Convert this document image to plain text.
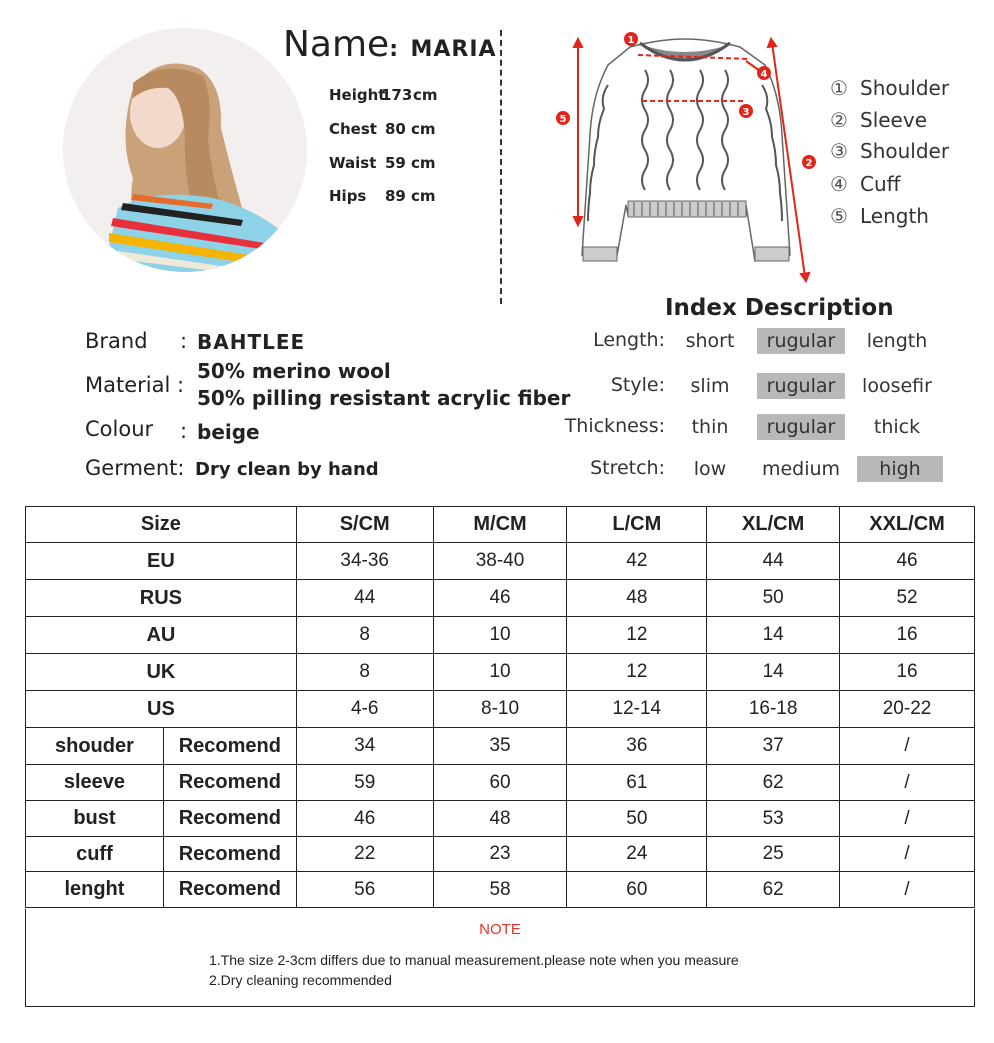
Name: MARIA
Height
173 cm
Chest 80 cm
Waist 59 cm
Hips 89 cm
1
2
3
4
5
① Shoulder
② Sleeve
③ Shoulder
④ Cuff
⑤ Length
Brand : BAHTLEE
Material :
50% merino wool
50% pilling resistant acrylic fiber
Colour : beige
Germent: Dry clean by hand
Index Description
Length:	short	rugular	length
Style:	slim	rugular	loosefir
Thickness:	thin	rugular	thick
Stretch:	low	medium	high
Size		S/CM	M/CM	L/CM	XL/CM	XXL/CM
EU		34-36	38-40	42	44	46
RUS		44	46	48	50	52
AU		8	10	12	14	16
UK		8	10	12	14	16
US		4-6	8-10	12-14	16-18	20-22
shouder	Recomend	34	35	36	37	/
sleeve	Recomend	59	60	61	62	/
bust	Recomend	46	48	50	53	/
cuff	Recomend	22	23	24	25	/
lenght	Recomend	56	58	60	62	/
NOTE
1.The size 2-3cm differs due to manual measurement.please note when you measure
2.Dry cleaning recommended
